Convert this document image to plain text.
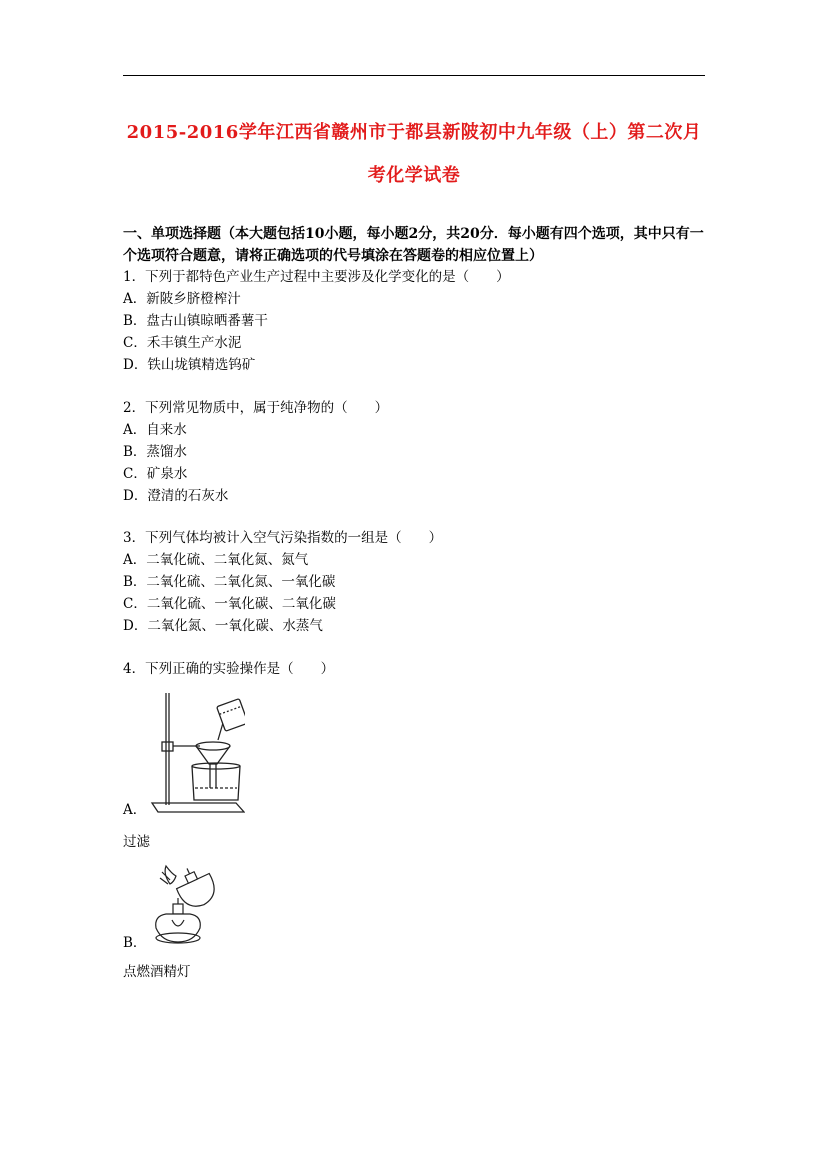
2015-2016学年江西省赣州市于都县新陂初中九年级（上）第二次月
考化学试卷
一、单项选择题（本大题包括10小题，每小题2分，共20分．每小题有四个选项，其中只有一个选项符合题意，请将正确选项的代号填涂在答题卷的相应位置上）
1．下列于都特色产业生产过程中主要涉及化学变化的是（　　）
A．新陂乡脐橙榨汁
B．盘古山镇晾晒番薯干
C．禾丰镇生产水泥
D．铁山垅镇精选钨矿
2．下列常见物质中，属于纯净物的（　　）
A．自来水
B．蒸馏水
C．矿泉水
D．澄清的石灰水
3．下列气体均被计入空气污染指数的一组是（　　）
A．二氧化硫、二氧化氮、氮气
B．二氧化硫、二氧化氮、一氧化碳
C．二氧化硫、一氧化碳、二氧化碳
D．二氧化氮、一氧化碳、水蒸气
4．下列正确的实验操作是（　　）
A．
过滤
B．
点燃酒精灯
